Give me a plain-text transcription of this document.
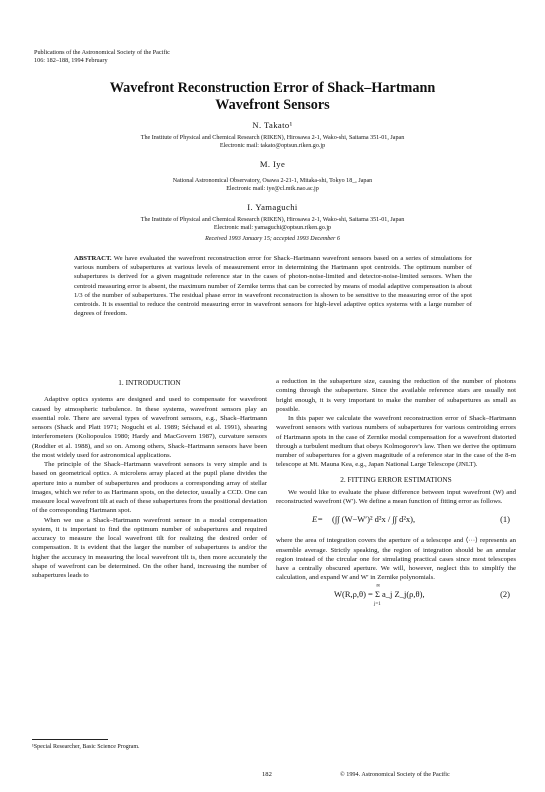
Publications of the Astronomical Society of the Pacific
106: 182–188, 1994 February
Wavefront Reconstruction Error of Shack–Hartmann
Wavefront Sensors
N. Takato¹
The Institute of Physical and Chemical Research (RIKEN), Hirosawa 2-1, Wako-shi, Saitama 351-01, Japan
Electronic mail: takato@optsun.riken.go.jp
M. Iye
National Astronomical Observatory, Osawa 2-21-1, Mitaka-shi, Tokyo 18_, Japan
Electronic mail: iye@cl.mtk.nao.ac.jp
I. Yamaguchi
The Institute of Physical and Chemical Research (RIKEN), Hirosawa 2-1, Wako-shi, Saitama 351-01, Japan
Electronic mail: yamaguchi@optsun.riken.go.jp
Received 1993 January 15; accepted 1993 December 6
ABSTRACT. We have evaluated the wavefront reconstruction error for Shack–Hartmann wavefront sensors based on a series of simulations for various numbers of subapertures at various levels of measurement error in determining the Hartmann spot centroids. The optimum number of subapertures is derived for a given magnitude reference star in the cases of photon-noise-limited and detector-noise-limited sensors. When the centroid measuring error is absent, the maximum number of Zernike terms that can be corrected by means of modal adaptive compensation is about 1/3 of the number of subapertures. The residual phase error in wavefront reconstruction is shown to be sensitive to the measuring error of the spot centroids. It is essential to reduce the centroid measuring error in wavefront sensors for high-level adaptive optics systems with a large number of degrees of freedom.
1. INTRODUCTION

Adaptive optics systems are designed and used to compensate for wavefront caused by atmospheric turbulence. In these systems, wavefront sensors play an essential role. There are several types of wavefront sensors, e.g., Shack–Hartmann sensors (Shack and Platt 1971; Noguchi et al. 1989; Séchaud et al. 1991), shearing interferometers (Koliopoulos 1980; Hardy and MacGovern 1987), curvature sensors (Roddier et al. 1988), and so on. Among others, Shack–Hartmann sensors have been the most widely used for astronomical applications.

The principle of the Shack–Hartmann wavefront sensors is very simple and is based on geometrical optics. A microlens array placed at the pupil plane divides the aperture into a number of subapertures and produces a corresponding array of stellar images, which we refer to as Hartmann spots, on the detector, usually a CCD. One can measure local wavefront tilt at each of these subapertures from the positional deviation of the corresponding Hartmann spot.

When we use a Shack–Hartmann wavefront sensor in a modal compensation system, it is important to find the optimum number of subapertures and required accuracy to measure the local wavefront tilt for realizing the desired order of compensation. It is evident that the larger the number of subapertures is and/or the higher the accuracy in measuring the local wavefront tilt is, then more accurately the shape of wavefront can be determined. On the other hand, increasing the number of subapertures leads to

a reduction in the subaperture size, causing the reduction of the number of photons coming through the subaperture. Since the available reference stars are usually not bright enough, it is very important to make the number of subapertures as small as possible.

In this paper we calculate the wavefront reconstruction error of Shack–Hartmann wavefront sensors with various numbers of subapertures for various centroiding errors of Hartmann spots in the case of Zernike modal compensation for a wavefront distorted through a turbulent medium that obeys Kolmogorov's law. Then we derive the optimum number of subapertures for a given magnitude of a reference star in the case of the 8-m telescope at Mt. Mauna Kea, e.g., Japan National Large Telescope (JNLT).

2. FITTING ERROR ESTIMATIONS

We would like to evaluate the phase difference between input wavefront (W) and reconstructed wavefront (W′). We define a mean function of fitting error as follows.

E= (∫∫ (W−W′)² d²x / ∫∫ d²x),	(1)

where the area of integration covers the aperture of a telescope and ⟨···⟩ represents an ensemble average. Strictly speaking, the region of integration should be an annular region instead of the circular one for simulating practical cases since most telescopes have a centrally obscured aperture. We will, however, neglect this to simplify the calculation, and expand W and W′ in Zernike polynomials.

∞
W(R,ρ,θ) = Σ a_j Z_j(ρ,θ),
j=1
(2)
¹Special Researcher, Basic Science Program.
182	© 1994. Astronomical Society of the Pacific
